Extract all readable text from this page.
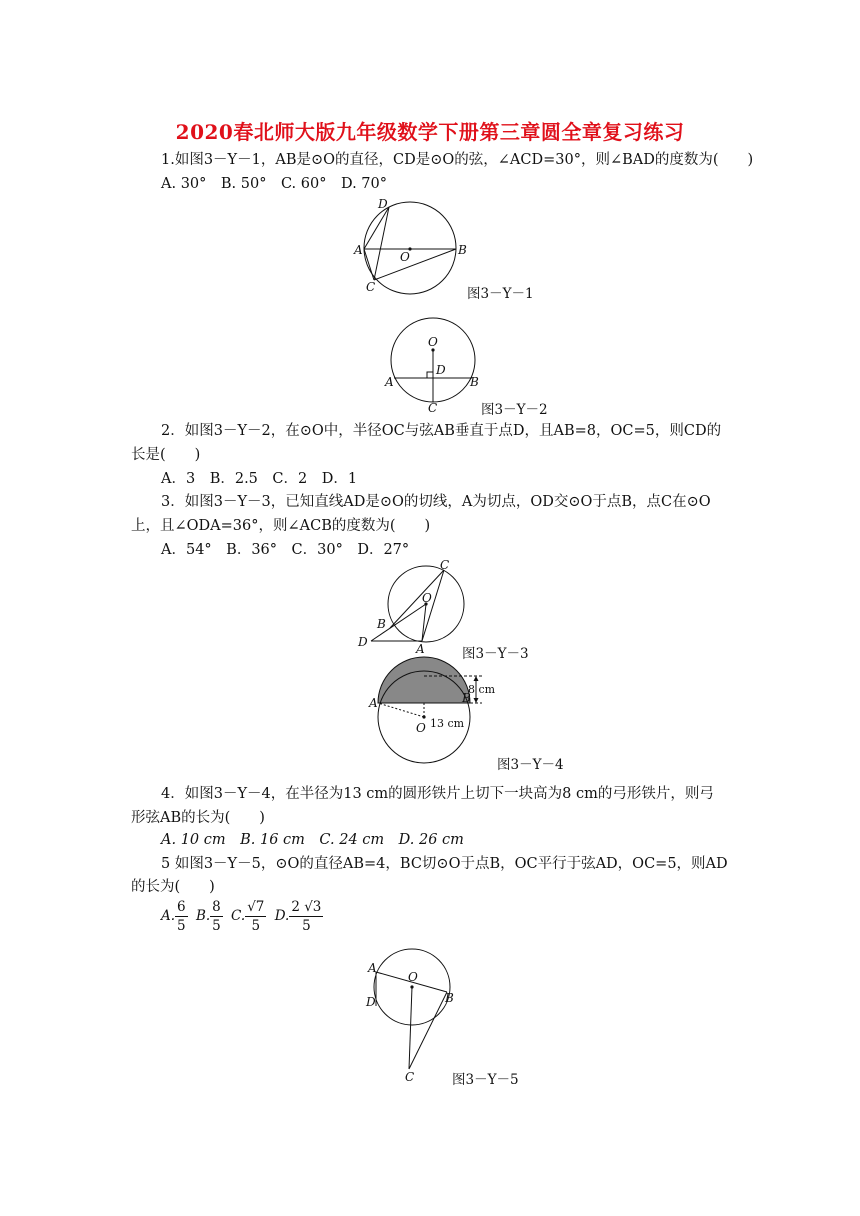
2020春北师大版九年级数学下册第三章圆全章复习练习
1.如图3－Y－1，AB是⊙O的直径，CD是⊙O的弦，∠ACD=30°，则∠BAD的度数为(　　)
A. 30°　B. 50°　C. 60°　D. 70°
D
A	O	B
C	图3－Y－1
O
D
A	B
C	图3－Y－2
2．如图3－Y－2，在⊙O中，半径OC与弦AB垂直于点D，且AB=8，OC=5，则CD的
长是(　　)
A．3　B．2.5　C．2　D．1
3．如图3－Y－3，已知直线AD是⊙O的切线，A为切点，OD交⊙O于点B，点C在⊙O
上，且∠ODA=36°，则∠ACB的度数为(　　)
A．54°　B．36°　C．30°　D．27°
C
O
B
D	A	图3－Y－3
8 cm
13 cm
A	B
O
图3－Y－4
4．如图3－Y－4，在半径为13 cm的圆形铁片上切下一块高为8 cm的弓形铁片，则弓
形弦AB的长为(　　)
A. 10 cm　B. 16 cm　C. 24 cm　D. 26 cm
5 如图3－Y－5，⊙O的直径AB=4，BC切⊙O于点B，OC平行于弦AD，OC=5，则AD
的长为(　　)
A. $\frac{6}{5} B$. $\frac{8}{5} C$. $\frac{√7}{5} D$. $\frac{2 √3}{5}$
A
O
B
D
C	图3－Y－5
